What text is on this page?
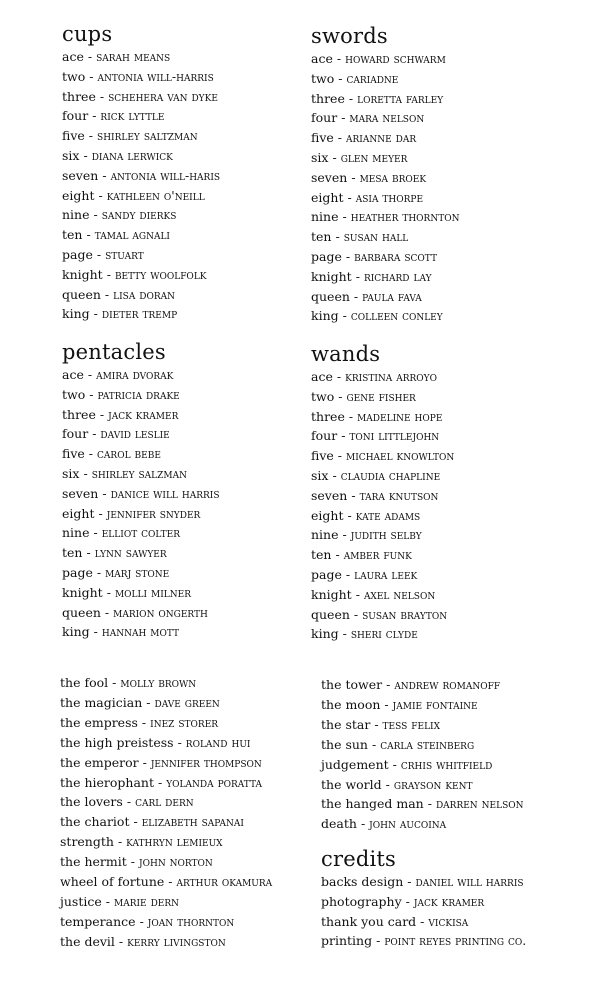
cups
ace - sarah means
two - antonia will-harris
three - schehera van dyke
four - rick lyttle
five - shirley saltzman
six - diana lerwick
seven - antonia will-haris
eight - kathleen o'neill
nine - sandy dierks
ten - tamal agnali
page - stuart
knight - betty woolfolk
queen - lisa doran
king - dieter tremp
swords
ace - howard schwarm
two - cariadne
three - loretta farley
four - mara nelson
five - arianne dar
six - glen meyer
seven - mesa broek
eight - asia thorpe
nine - heather thornton
ten - susan hall
page - barbara scott
knight - richard lay
queen - paula fava
king - colleen conley
pentacles
ace - amira dvorak
two - patricia drake
three - jack kramer
four - david leslie
five - carol bebe
six - shirley salzman
seven - danice will harris
eight - jennifer snyder
nine - elliot colter
ten - lynn sawyer
page - marj stone
knight - molli milner
queen - marion ongerth
king - hannah mott
wands
ace - kristina arroyo
two - gene fisher
three - madeline hope
four - toni littlejohn
five - michael knowlton
six - claudia chapline
seven - tara knutson
eight - kate adams
nine - judith selby
ten - amber funk
page - laura leek
knight - axel nelson
queen - susan brayton
king - sheri clyde
the fool - molly brown
the magician - dave green
the empress - inez storer
the high preistess - roland hui
the emperor - jennifer thompson
the hierophant - yolanda poratta
the lovers - carl dern
the chariot - elizabeth sapanai
strength - kathryn lemieux
the hermit - john norton
wheel of fortune - arthur okamura
justice - marie dern
temperance - joan thornton
the devil - kerry livingston
the tower - andrew romanoff
the moon - jamie fontaine
the star - tess felix
the sun - carla steinberg
judgement - crhis whitfield
the world - grayson kent
the hanged man - darren nelson
death - john aucoina
credits
backs design - daniel will harris
photography - jack kramer
thank you card - vickisa
printing - point reyes printing co.
